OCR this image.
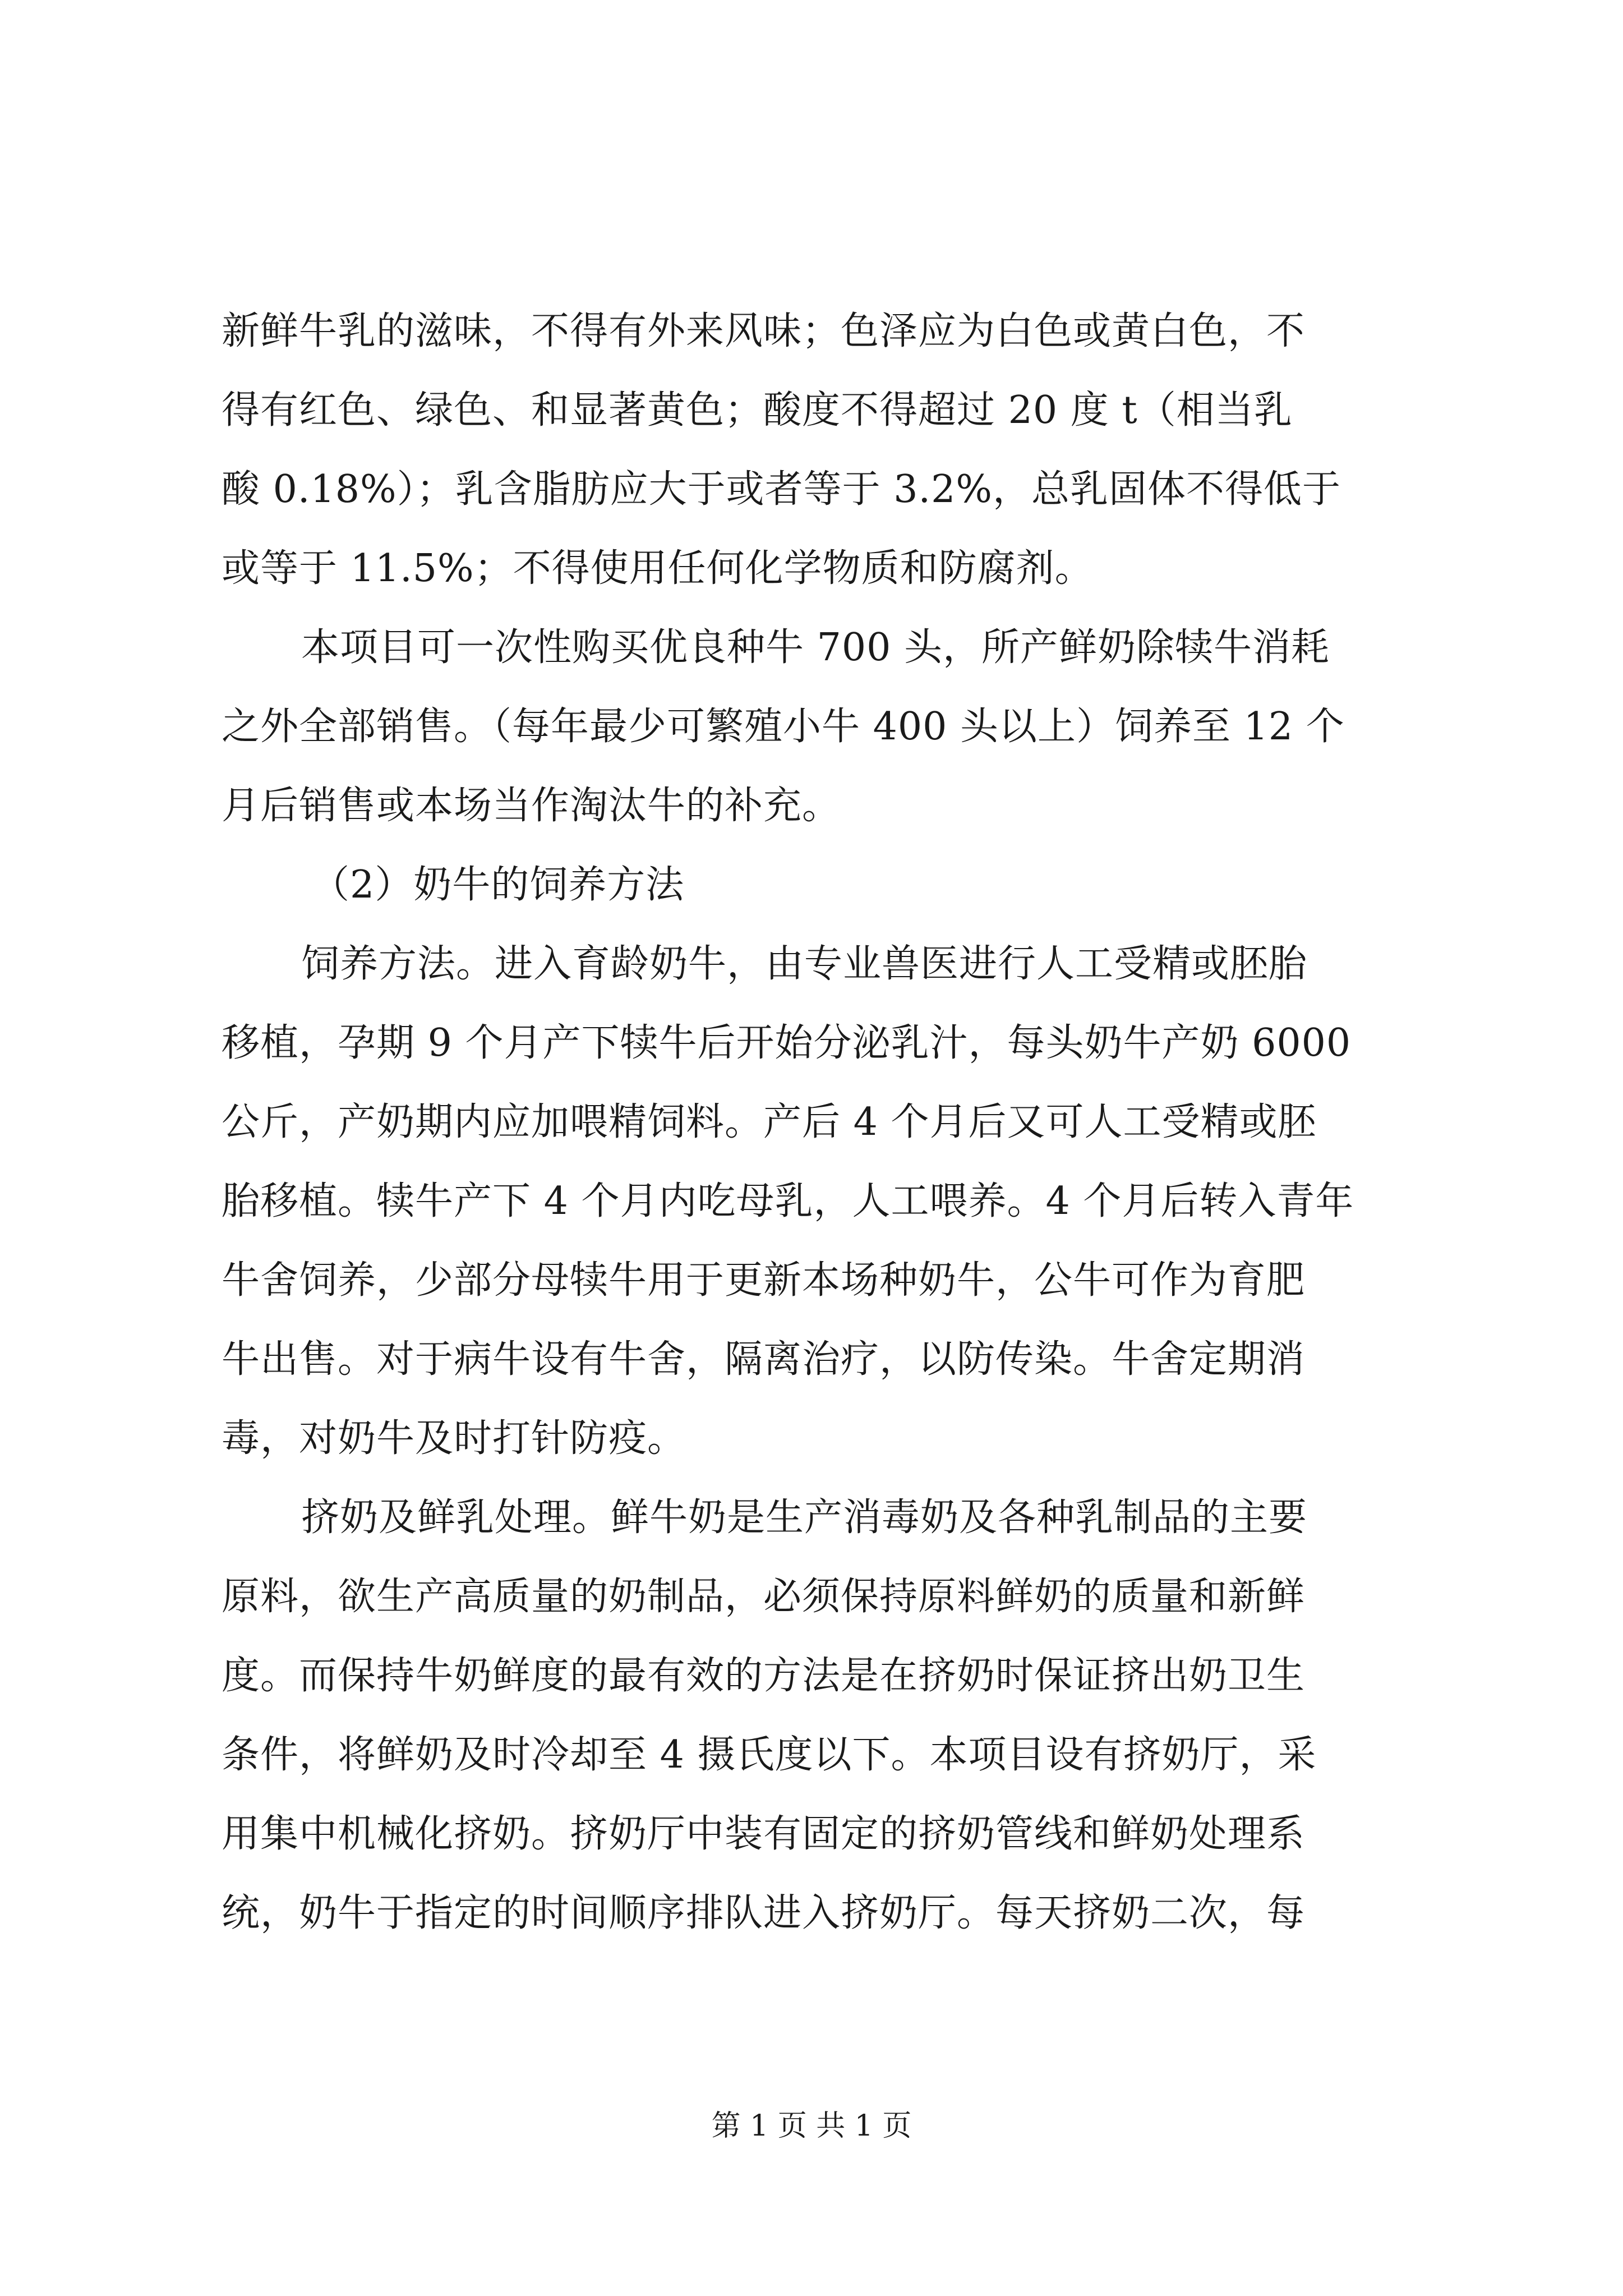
新鲜牛乳的滋味，不得有外来风味；色泽应为白色或黄白色，不
得有红色、绿色、和显著黄色；酸度不得超过 20 度 t（相当乳
酸 0.18%）；乳含脂肪应大于或者等于 3.2%，总乳固体不得低于
或等于 11.5%；不得使用任何化学物质和防腐剂。
本项目可一次性购买优良种牛 700 头，所产鲜奶除犊牛消耗
之外全部销售。（每年最少可繁殖小牛 400 头以上）饲养至 12 个
月后销售或本场当作淘汰牛的补充。
（2）奶牛的饲养方法
饲养方法。进入育龄奶牛，由专业兽医进行人工受精或胚胎
移植，孕期 9 个月产下犊牛后开始分泌乳汁，每头奶牛产奶 6000
公斤，产奶期内应加喂精饲料。产后 4 个月后又可人工受精或胚
胎移植。犊牛产下 4 个月内吃母乳，人工喂养。4 个月后转入青年
牛舍饲养，少部分母犊牛用于更新本场种奶牛，公牛可作为育肥
牛出售。对于病牛设有牛舍，隔离治疗，以防传染。牛舍定期消
毒，对奶牛及时打针防疫。
挤奶及鲜乳处理。鲜牛奶是生产消毒奶及各种乳制品的主要
原料，欲生产高质量的奶制品，必须保持原料鲜奶的质量和新鲜
度。而保持牛奶鲜度的最有效的方法是在挤奶时保证挤出奶卫生
条件，将鲜奶及时冷却至 4 摄氏度以下。本项目设有挤奶厅，采
用集中机械化挤奶。挤奶厅中装有固定的挤奶管线和鲜奶处理系
统，奶牛于指定的时间顺序排队进入挤奶厅。每天挤奶二次，每
第 1 页 共 1 页
